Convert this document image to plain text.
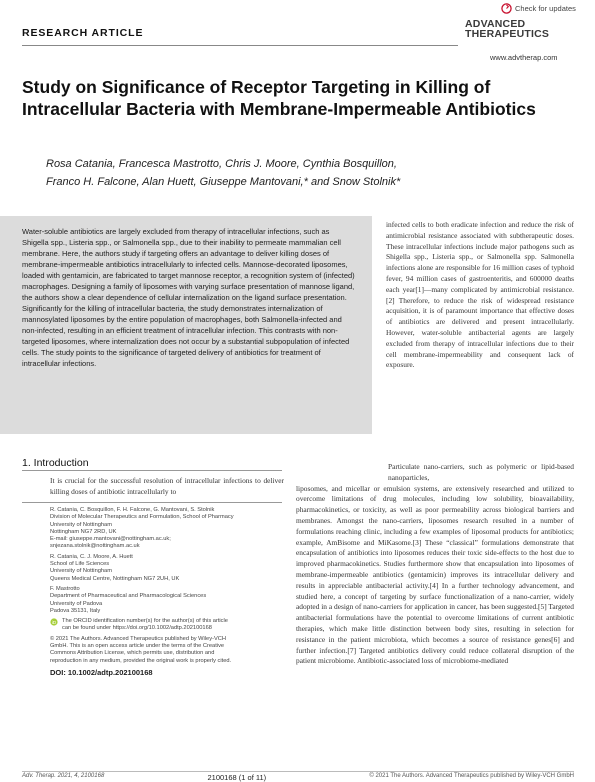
Check for updates
RESEARCH ARTICLE
ADVANCED
THERAPEUTICS
www.advtherap.com
Study on Significance of Receptor Targeting in Killing of Intracellular Bacteria with Membrane-Impermeable Antibiotics
Rosa Catania, Francesca Mastrotto, Chris J. Moore, Cynthia Bosquillon,
Franco H. Falcone, Alan Huett, Giuseppe Mantovani,* and Snow Stolnik*

Water-soluble antibiotics are largely excluded from therapy of intracellular infections, such as Shigella spp., Listeria spp., or Salmonella spp., due to their inability to permeate mammalian cell membrane. Here, the authors study if targeting offers an advantage to deliver killing doses of membrane-impermeable antibiotics intracellularly to infected cells. Mannose-decorated liposomes, loaded with gentamicin, are fabricated to target mannose receptor, a recognition system of (infected) macrophages. Designing a family of liposomes with varying surface presentation of mannose ligand, the authors show a clear dependence of cellular internalization on the ligand surface presentation. Significantly for the killing of intracellular bacteria, the study demonstrates internalization of mannosylated liposomes by the entire population of macrophages, both Salmonella-infected and non-infected, resulting in an efficient treatment of intracellular infection. This contrasts with non-targeted liposomes, where internalization does not occur by a substantial subpopulation of infected cells. The study points to the significance of targeted delivery of antibiotics for treatment of intracellular infections.

infected cells to both eradicate infection and reduce the risk of antimicrobial resistance associated with subtherapeutic doses. These intracellular infections include major pathogens such as Shigella spp., Listeria spp., or Salmonella spp. Salmonella infections alone are responsible for 16 million cases of typhoid fever, 94 million cases of gastroenteritis, and 600000 deaths each year[1]—many complicated by antimicrobial resistance.[2] Therefore, to reduce the risk of widespread resistance acquisition, it is of paramount importance that effective doses of antibiotics are delivered and present intracellularly. However, water-soluble antibacterial agents are largely excluded from therapy of intracellular infections due to their cell membrane-impermeability and consequent lack of exposure.
Particulate nano-carriers, such as polymeric or lipid-based nanoparticles,
liposomes, and micellar or emulsion systems, are extensively researched and utilized to overcome limitations of drug molecules, including low solubility, bioavailability, pharmacokinetics, or toxicity, as well as poor permeability across biological barriers and membranes. Amongst the nano-carriers, liposomes research resulted in a number of formulations reaching clinic, including a few examples of liposomal products for antibiotics; example, AmBisome and MiKasome.[3] These “classical” formulations demonstrate that encapsulation of antibiotics into liposomes reduces their toxic side-effects to the host due to improved pharmacokinetics. Studies furthermore show that encapsulation into liposomes of membrane-impermeable antibiotics (gentamicin) improves its intracellular delivery and results in appreciable antibacterial activity.[4] In a further technology advancement, and studied here, a concept of targeting by surface functionalization of a nano-carrier, widely adopted in a design of nano-carriers for application in cancer, has been suggested.[5] Targeted antibacterial formulations have the potential to overcome limitations of current antibiotic therapies, which make little distinction between body sites, resulting in selection for resistance in the patient microbiota, which becomes a source of resistance genes[6] and further infection.[7] Targeted antibiotics delivery could reduce collateral disruption of the patient microbiome. Antibiotic-associated loss of microbiome-mediated
1. Introduction
It is crucial for the successful resolution of intracellular infections to deliver killing doses of antibiotic intracellularly to
R. Catania, C. Bosquillon, F. H. Falcone, G. Mantovani, S. Stolnik
Division of Molecular Therapeutics and Formulation, School of Pharmacy
University of Nottingham
Nottingham NG7 2RD, UK
E-mail: giuseppe.mantovani@nottingham.ac.uk;
snjezana.stolnik@nottingham.ac.uk
R. Catania, C. J. Moore, A. Huett
School of Life Sciences
University of Nottingham
Queens Medical Centre, Nottingham NG7 2UH, UK
F. Mastrotto
Department of Pharmaceutical and Pharmacological Sciences
University of Padova
Padova 35131, Italy
iD The ORCID identification number(s) for the author(s) of this article
can be found under https://doi.org/10.1002/adtp.202100168
© 2021 The Authors. Advanced Therapeutics published by Wiley-VCH
GmbH. This is an open access article under the terms of the Creative
Commons Attribution License, which permits use, distribution and
reproduction in any medium, provided the original work is properly cited.
DOI: 10.1002/adtp.202100168
Adv. Therap. 2021, 4, 2100168	2100168 (1 of 11)	© 2021 The Authors. Advanced Therapeutics published by Wiley-VCH GmbH
